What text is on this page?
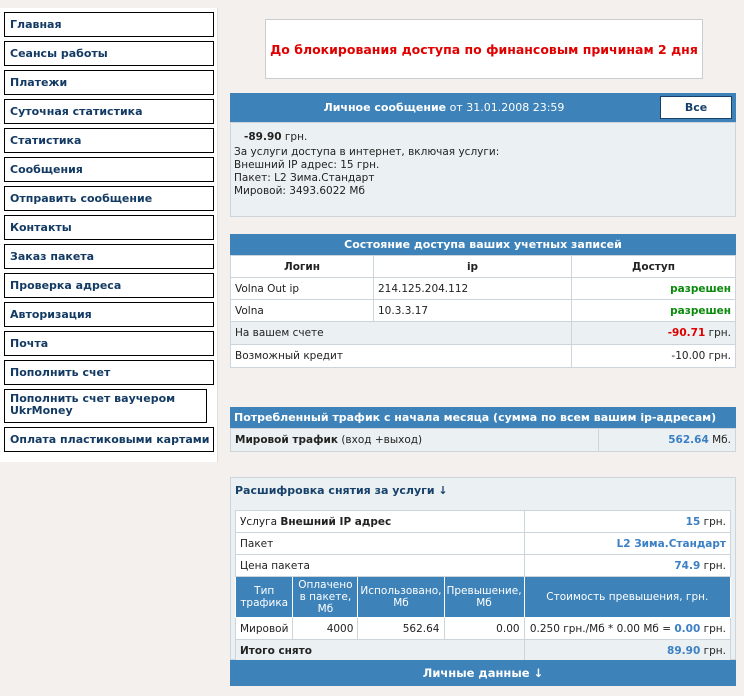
Главная
Сеансы работы
Платежи
Суточная статистика
Статистика
Сообщения
Отправить сообщение
Контакты
Заказ пакета
Проверка адреса
Авторизация
Почта
Пополнить счет
Пополнить счет ваучером UkrMoney
Оплата пластиковыми картами
До блокирования доступа по финансовым причинам 2 дня
Личное сообщение от 31.01.2008 23:59	Все
-89.90 грн.
За услуги доступа в интернет, включая услуги:
Внешний IP адрес: 15 грн.
Пакет: L2 Зима.Стандарт
Мировой: 3493.6022 Мб
Состояние доступа ваших учетных записей
Логин	ip	Доступ
Volna Out ip	214.125.204.112	разрешен
Volna	10.3.3.17	разрешен
На вашем счете		-90.71 грн.
Возможный кредит		-10.00 грн.
Потребленный трафик с начала месяца (сумма по всем вашим ip-адресам)
Мировой трафик (вход +выход)	562.64 Мб.
Расшифровка снятия за услуги ↓
Услуга Внешний IP адрес				15 грн.
Пакет				L2 Зима.Стандарт
Цена пакета				74.9 грн.
Тип трафика	Оплачено в пакете, Мб	Использовано, Мб	Превышение, Мб	Стоимость превышения, грн.
Мировой	4000	562.64	0.00	0.250 грн./Мб * 0.00 Мб = 0.00 грн.
Итого снято				89.90 грн.
Личные данные ↓
